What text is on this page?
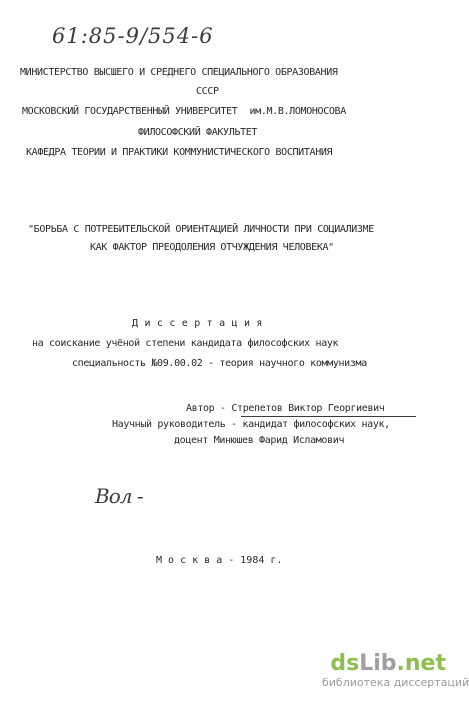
61:85-9/554-6
МИНИСТЕРСТВО ВЫСШЕГО И СРЕДНЕГО СПЕЦИАЛЬНОГО ОБРАЗОВАНИЯ
СССР
МОСКОВСКИЙ ГОСУДАРСТВЕННЫЙ УНИВЕРСИТЕТ им.М.В.ЛОМОНОСОВА
ФИЛОСОФСКИЙ ФАКУЛЬТЕТ
КАФЕДРА ТЕОРИИ И ПРАКТИКИ КОММУНИСТИЧЕСКОГО ВОСПИТАНИЯ
"БОРЬБА С ПОТРЕБИТЕЛЬСКОЙ ОРИЕНТАЦИЕЙ ЛИЧНОСТИ ПРИ СОЦИАЛИЗМЕ
КАК ФАКТОР ПРЕОДОЛЕНИЯ ОТЧУЖДЕНИЯ ЧЕЛОВЕКА"
Д и с с е р т а ц и я
на соискание учёной степени кандидата философских наук
специальность №09.00.02 - теория научного коммунизма
Автор - Стрепетов Виктор Георгиевич
Научный руководитель - кандидат философских наук,
доцент Минюшев Фарид Исламович
Вол -
М о с к в а - 1984 г.
dsLib.net
библиотека диссертаций
